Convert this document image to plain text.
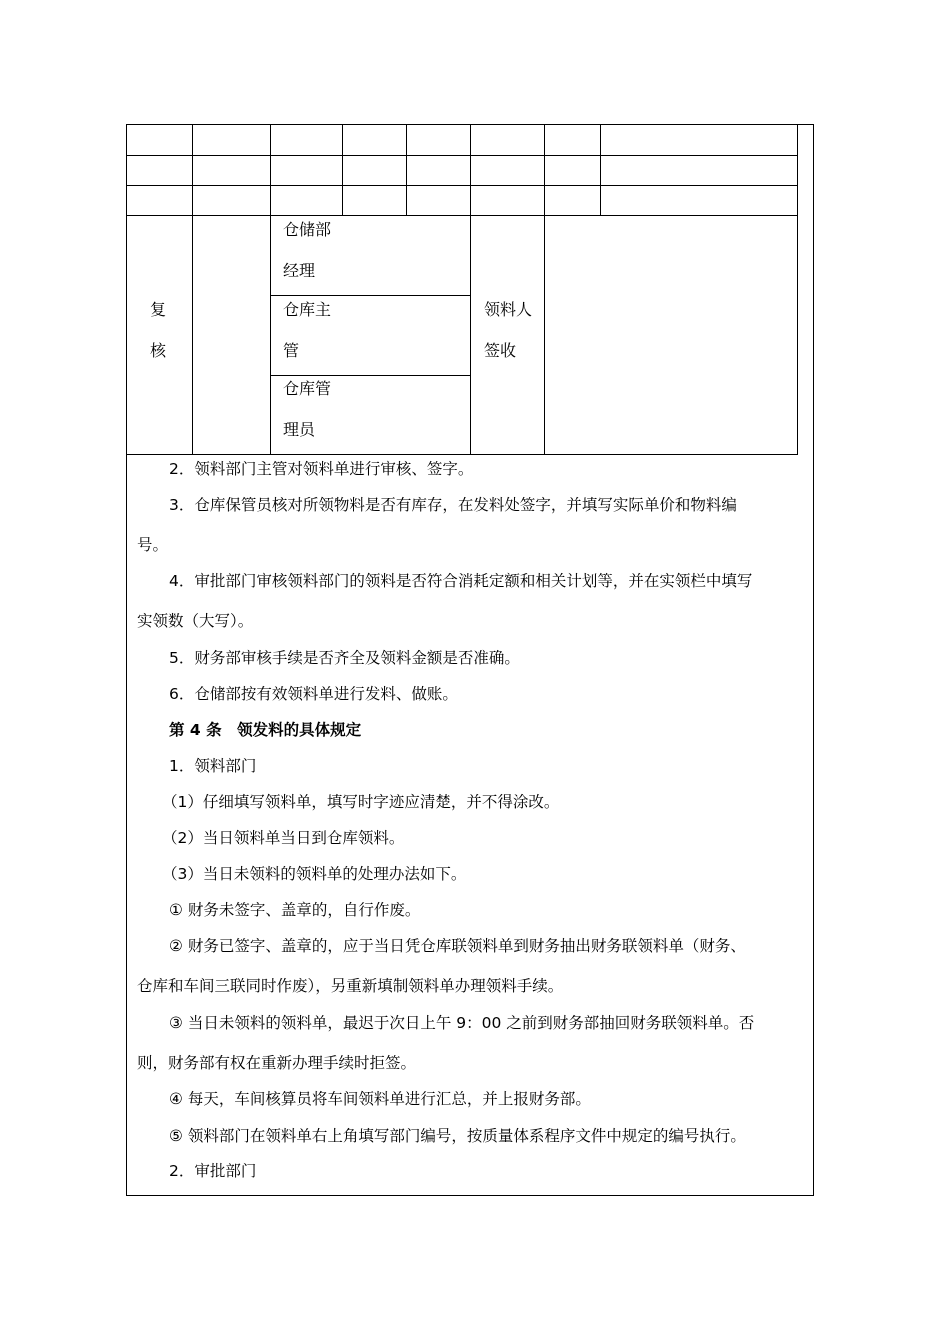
复
核
仓储部
经理
仓库主
管
仓库管
理员
领料人
签收
2．领料部门主管对领料单进行审核、签字。
3．仓库保管员核对所领物料是否有库存，在发料处签字，并填写实际单价和物料编
号。
4．审批部门审核领料部门的领料是否符合消耗定额和相关计划等，并在实领栏中填写
实领数（大写）。
5．财务部审核手续是否齐全及领料金额是否准确。
6．仓储部按有效领料单进行发料、做账。
第 4 条　领发料的具体规定
1．领料部门
（1）仔细填写领料单，填写时字迹应清楚，并不得涂改。
（2）当日领料单当日到仓库领料。
（3）当日未领料的领料单的处理办法如下。
① 财务未签字、盖章的，自行作废。
② 财务已签字、盖章的，应于当日凭仓库联领料单到财务抽出财务联领料单（财务、
仓库和车间三联同时作废），另重新填制领料单办理领料手续。
③ 当日未领料的领料单，最迟于次日上午 9：00 之前到财务部抽回财务联领料单。否
则，财务部有权在重新办理手续时拒签。
④ 每天，车间核算员将车间领料单进行汇总，并上报财务部。
⑤ 领料部门在领料单右上角填写部门编号，按质量体系程序文件中规定的编号执行。
2．审批部门
